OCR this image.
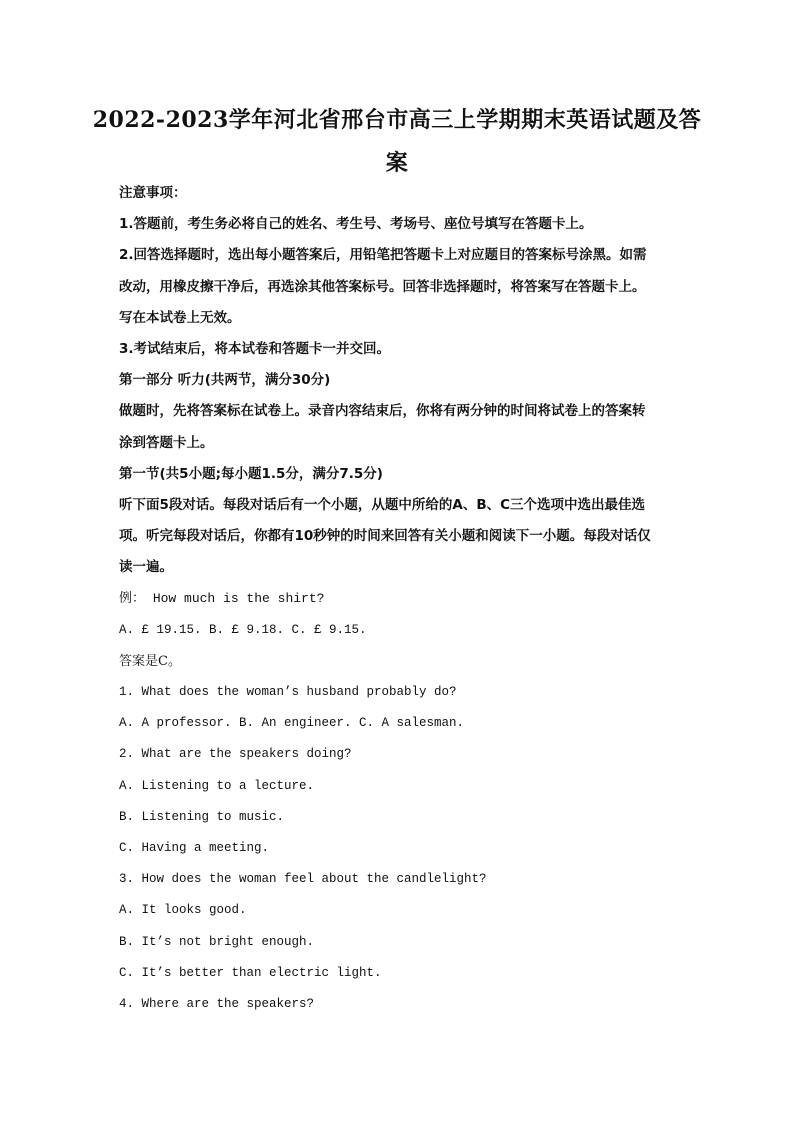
2022-2023学年河北省邢台市高三上学期期末英语试题及答
案
注意事项：
1.答题前，考生务必将自己的姓名、考生号、考场号、座位号填写在答题卡上。
2.回答选择题时，选出每小题答案后，用铅笔把答题卡上对应题目的答案标号涂黑。如需
改动，用橡皮擦干净后，再选涂其他答案标号。回答非选择题时，将答案写在答题卡上。
写在本试卷上无效。
3.考试结束后，将本试卷和答题卡一并交回。
第一部分 听力(共两节，满分30分)
做题时，先将答案标在试卷上。录音内容结束后，你将有两分钟的时间将试卷上的答案转
涂到答题卡上。
第一节(共5小题;每小题1.5分，满分7.5分)
听下面5段对话。每段对话后有一个小题，从题中所给的A、B、C三个选项中选出最佳选
项。听完每段对话后，你都有10秒钟的时间来回答有关小题和阅读下一小题。每段对话仅
读一遍。
例： How much is the shirt?
A. £ 19.15. B. £ 9.18. C. £ 9.15.
答案是C。
1. What does the woman’s husband probably do?
A. A professor. B. An engineer. C. A salesman.
2. What are the speakers doing?
A. Listening to a lecture.
B. Listening to music.
C. Having a meeting.
3. How does the woman feel about the candlelight?
A. It looks good.
B. It’s not bright enough.
C. It’s better than electric light.
4. Where are the speakers?
